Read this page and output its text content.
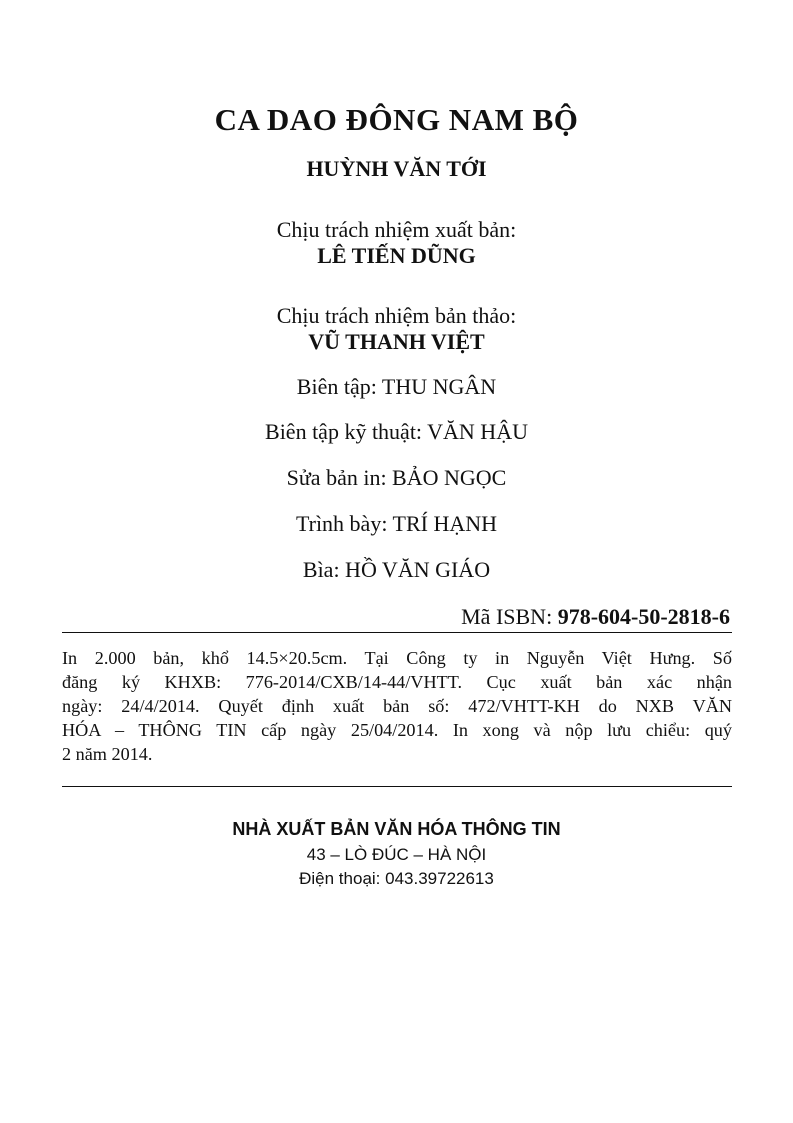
CA DAO ĐÔNG NAM BỘ
HUỲNH VĂN TỚI
Chịu trách nhiệm xuất bản:
LÊ TIẾN DŨNG
Chịu trách nhiệm bản thảo:
VŨ THANH VIỆT
Biên tập: THU NGÂN
Biên tập kỹ thuật: VĂN HẬU
Sửa bản in: BẢO NGỌC
Trình bày: TRÍ HẠNH
Bìa: HỒ VĂN GIÁO
Mã ISBN: 978-604-50-2818-6
In 2.000 bản, khổ 14.5×20.5cm. Tại Công ty in Nguyễn Việt Hưng. Số
đăng ký KHXB: 776-2014/CXB/14-44/VHTT. Cục xuất bản xác nhận
ngày: 24/4/2014. Quyết định xuất bản số: 472/VHTT-KH do NXB VĂN
HÓA – THÔNG TIN cấp ngày 25/04/2014. In xong và nộp lưu chiểu: quý
2 năm 2014.
NHÀ XUẤT BẢN VĂN HÓA THÔNG TIN
43 – LÒ ĐÚC – HÀ NỘI
Điện thoại: 043.39722613
